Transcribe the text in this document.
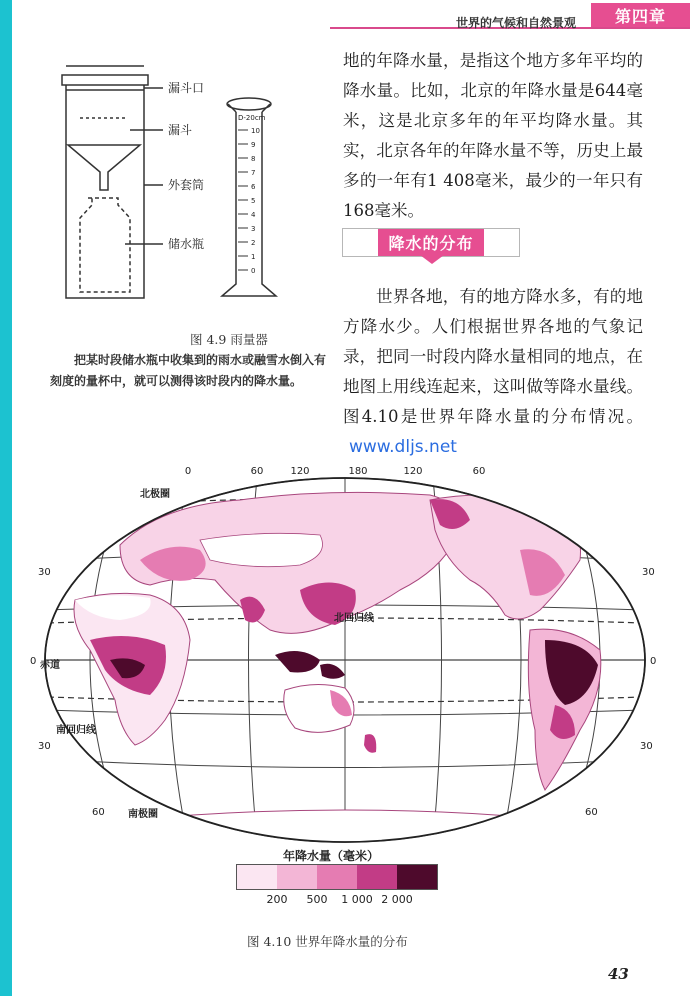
世界的气候和自然景观	第四章

地的年降水量，是指这个地方多年平均的降水量。比如，北京的年降水量是644毫米，这是北京多年的年平均降水量。其实，北京各年的年降水量不等，历史上最多的一年有1 408毫米，最少的一年只有168毫米。

降水的分布

世界各地，有的地方降水多，有的地方降水少。人们根据世界各地的气象记录，把同一时段内降水量相同的地点，在地图上用线连起来，这叫做等降水量线。图4.10是世界年降水量的分布情况。www.dljs.net

漏斗口
漏斗
外套筒
储水瓶
D-20cm
10
9
8
7
6
5
4
3
2
1
0
图 4.9 雨量器
把某时段储水瓶中收集到的雨水或融雪水倒入有刻度的量杯中，就可以测得该时段内的降水量。
0	60	120	180	120	60
30
0
30
60
30
0
30
60
北极圈
北回归线
赤道
南回归线
南极圈
年降水量（毫米）
200 500 1 000 2 000
图 4.10 世界年降水量的分布
43
